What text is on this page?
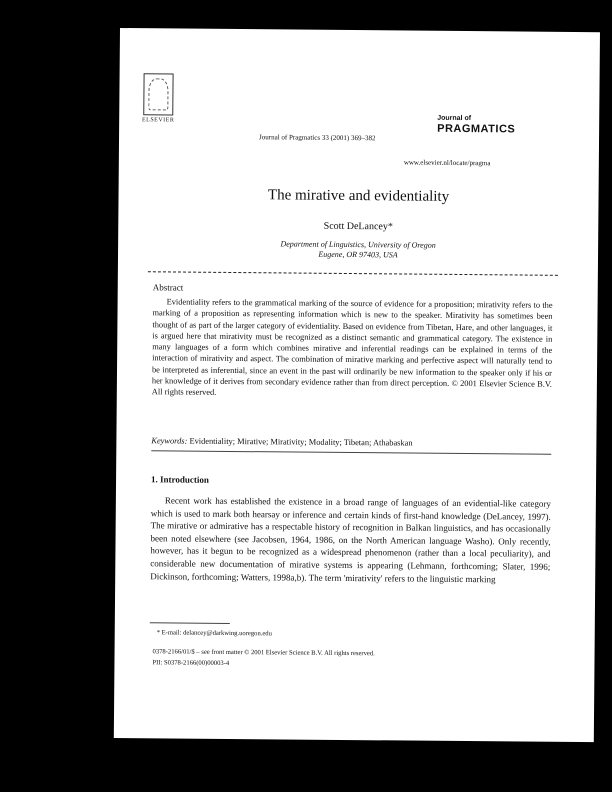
ELSEVIER
Journal of Pragmatics 33 (2001) 369–382
Journal of
PRAGMATICS
www.elsevier.nl/locate/pragma
The mirative and evidentiality
Scott DeLancey*
Department of Linguistics, University of Oregon
Eugene, OR 97403, USA
Abstract
Evidentiality refers to the grammatical marking of the source of evidence for a proposition; mirativity refers to the marking of a proposition as representing information which is new to the speaker. Mirativity has sometimes been thought of as part of the larger category of evidentiality. Based on evidence from Tibetan, Hare, and other languages, it is argued here that mirativity must be recognized as a distinct semantic and grammatical category. The existence in many languages of a form which combines mirative and inferential readings can be explained in terms of the interaction of mirativity and aspect. The combination of mirative marking and perfective aspect will naturally tend to be interpreted as inferential, since an event in the past will ordinarily be new information to the speaker only if his or her knowledge of it derives from secondary evidence rather than from direct perception. © 2001 Elsevier Science B.V. All rights reserved.
Keywords: Evidentiality; Mirative; Mirativity; Modality; Tibetan; Athabaskan
1. Introduction
Recent work has established the existence in a broad range of languages of an evidential-like category which is used to mark both hearsay or inference and certain kinds of first-hand knowledge (DeLancey, 1997). The mirative or admirative has a respectable history of recognition in Balkan linguistics, and has occasionally been noted elsewhere (see Jacobsen, 1964, 1986, on the North American language Washo). Only recently, however, has it begun to be recognized as a widespread phenomenon (rather than a local peculiarity), and considerable new documentation of mirative systems is appearing (Lehmann, forthcoming; Slater, 1996; Dickinson, forthcoming; Watters, 1998a,b). The term 'mirativity' refers to the linguistic marking
* E-mail: delancey@darkwing.uoregon.edu
0378-2166/01/$ – see front matter © 2001 Elsevier Science B.V. All rights reserved.
PII: S0378-2166(00)00003-4
